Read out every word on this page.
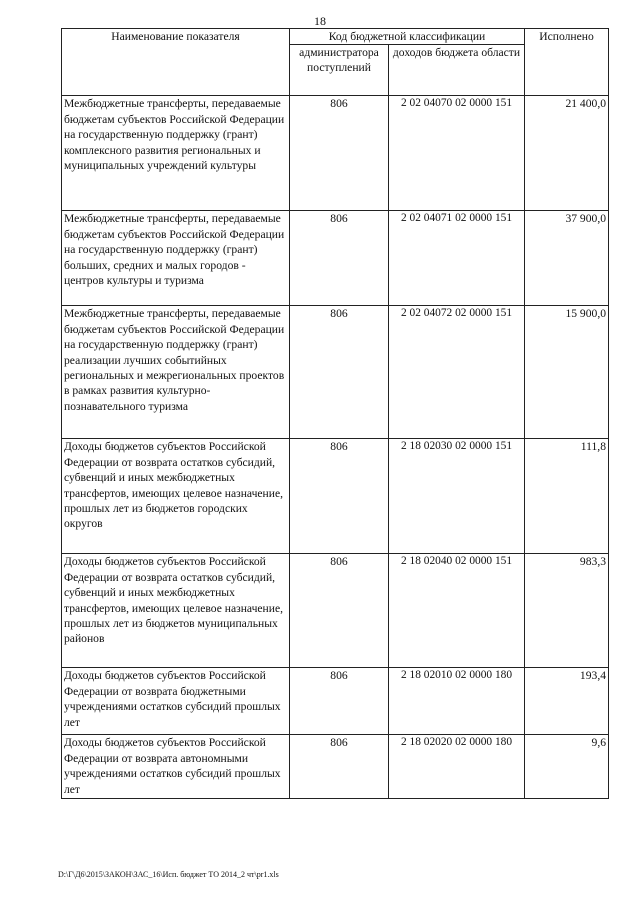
18
Наименование показателя	Код бюджетной классификации		Исполнено
	администратора поступлений	доходов бюджета области	
Межбюджетные трансферты, передаваемые бюджетам субъектов Российской Федерации на государственную поддержку (грант) комплексного развития региональных и муниципальных учреждений культуры	806	2 02 04070 02 0000 151	21 400,0
Межбюджетные трансферты, передаваемые бюджетам субъектов Российской Федерации на государственную поддержку (грант) больших, средних и малых городов - центров культуры и туризма	806	2 02 04071 02 0000 151	37 900,0
Межбюджетные трансферты, передаваемые бюджетам субъектов Российской Федерации на государственную поддержку (грант) реализации лучших событийных региональных и межрегиональных проектов в рамках развития культурно-познавательного туризма	806	2 02 04072 02 0000 151	15 900,0
Доходы бюджетов субъектов Российской Федерации от возврата остатков субсидий, субвенций и иных межбюджетных трансфертов, имеющих целевое назначение, прошлых лет из бюджетов городских округов	806	2 18 02030 02 0000 151	111,8
Доходы бюджетов субъектов Российской Федерации от возврата остатков субсидий, субвенций и иных межбюджетных трансфертов, имеющих целевое назначение, прошлых лет из бюджетов муниципальных районов	806	2 18 02040 02 0000 151	983,3
Доходы бюджетов субъектов Российской Федерации от возврата бюджетными учреждениями остатков субсидий прошлых лет	806	2 18 02010 02 0000 180	193,4
Доходы бюджетов субъектов Российской Федерации от возврата автономными учреждениями остатков субсидий прошлых лет	806	2 18 02020 02 0000 180	9,6
D:\Г\Д6\2015\ЗАКОН\ЗАС_16\Исп. бюджет ТО 2014_2 чт\pr1.xls
